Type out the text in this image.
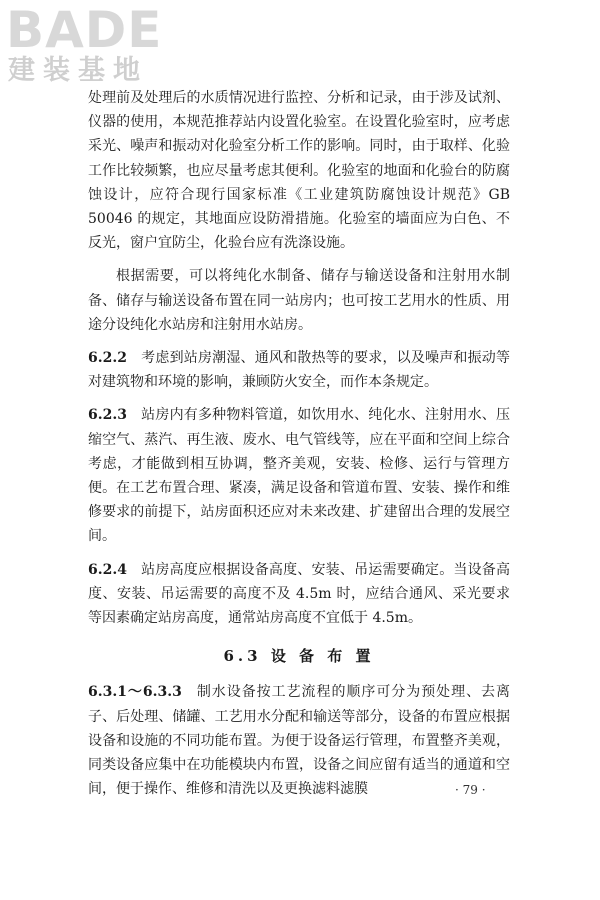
BADE
建装基地

处理前及处理后的水质情况进行监控、分析和记录，由于涉及试剂、仪器的使用，本规范推荐站内设置化验室。在设置化验室时，应考虑采光、噪声和振动对化验室分析工作的影响。同时，由于取样、化验工作比较频繁，也应尽量考虑其便利。化验室的地面和化验台的防腐蚀设计，应符合现行国家标准《工业建筑防腐蚀设计规范》GB 50046 的规定，其地面应设防滑措施。化验室的墙面应为白色、不反光，窗户宜防尘，化验台应有洗涤设施。

根据需要，可以将纯化水制备、储存与输送设备和注射用水制备、储存与输送设备布置在同一站房内；也可按工艺用水的性质、用途分设纯化水站房和注射用水站房。

6.2.2 考虑到站房潮湿、通风和散热等的要求，以及噪声和振动等对建筑物和环境的影响，兼顾防火安全，而作本条规定。

6.2.3 站房内有多种物料管道，如饮用水、纯化水、注射用水、压缩空气、蒸汽、再生液、废水、电气管线等，应在平面和空间上综合考虑，才能做到相互协调，整齐美观，安装、检修、运行与管理方便。在工艺布置合理、紧凑，满足设备和管道布置、安装、操作和维修要求的前提下，站房面积还应对未来改建、扩建留出合理的发展空间。

6.2.4 站房高度应根据设备高度、安装、吊运需要确定。当设备高度、安装、吊运需要的高度不及 4.5m 时，应结合通风、采光要求等因素确定站房高度，通常站房高度不宜低于 4.5m。

6.3 设 备 布 置

6.3.1～6.3.3 制水设备按工艺流程的顺序可分为预处理、去离子、后处理、储罐、工艺用水分配和输送等部分，设备的布置应根据设备和设施的不同功能布置。为便于设备运行管理，布置整齐美观，同类设备应集中在功能模块内布置，设备之间应留有适当的通道和空间，便于操作、维修和清洗以及更换滤料滤膜	· 79 ·
